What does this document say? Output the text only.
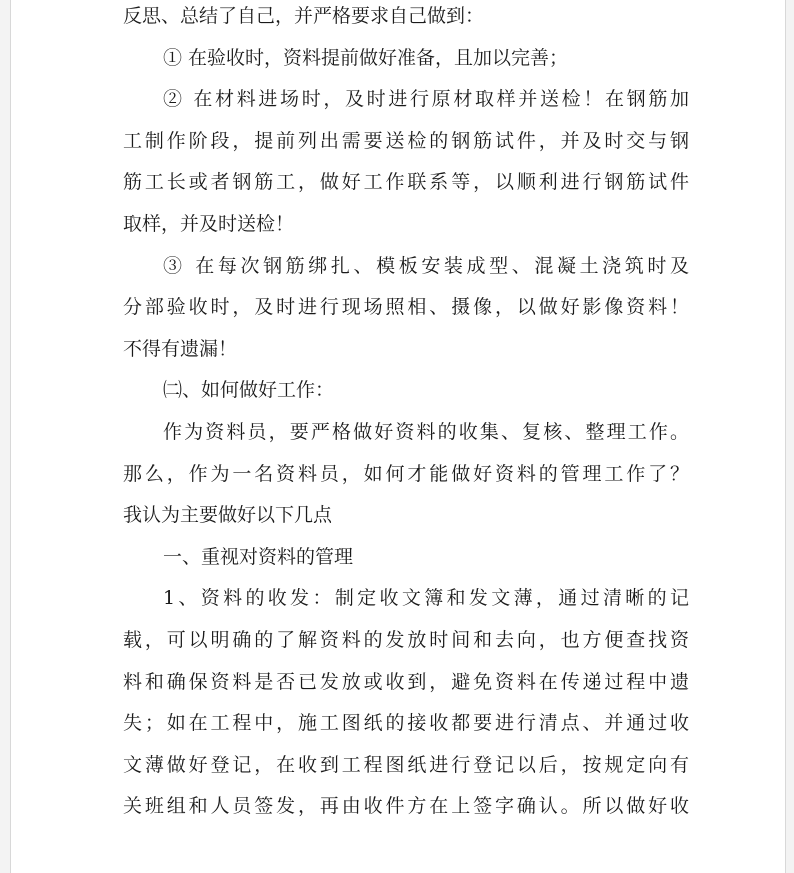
反思、总结了自己，并严格要求自己做到：
① 在验收时，资料提前做好准备，且加以完善；
② 在材料进场时，及时进行原材取样并送检！在钢筋加
工制作阶段，提前列出需要送检的钢筋试件，并及时交与钢
筋工长或者钢筋工，做好工作联系等，以顺利进行钢筋试件
取样，并及时送检！
③ 在每次钢筋绑扎、模板安装成型、混凝土浇筑时及
分部验收时，及时进行现场照相、摄像，以做好影像资料！
不得有遗漏！
㈡、如何做好工作：
作为资料员，要严格做好资料的收集、复核、整理工作。
那么，作为一名资料员，如何才能做好资料的管理工作了？
我认为主要做好以下几点
一、重视对资料的管理
1、资料的收发：制定收文簿和发文薄，通过清晰的记
载，可以明确的了解资料的发放时间和去向，也方便查找资
料和确保资料是否已发放或收到，避免资料在传递过程中遗
失；如在工程中，施工图纸的接收都要进行清点、并通过收
文薄做好登记，在收到工程图纸进行登记以后，按规定向有
关班组和人员签发，再由收件方在上签字确认。所以做好收
